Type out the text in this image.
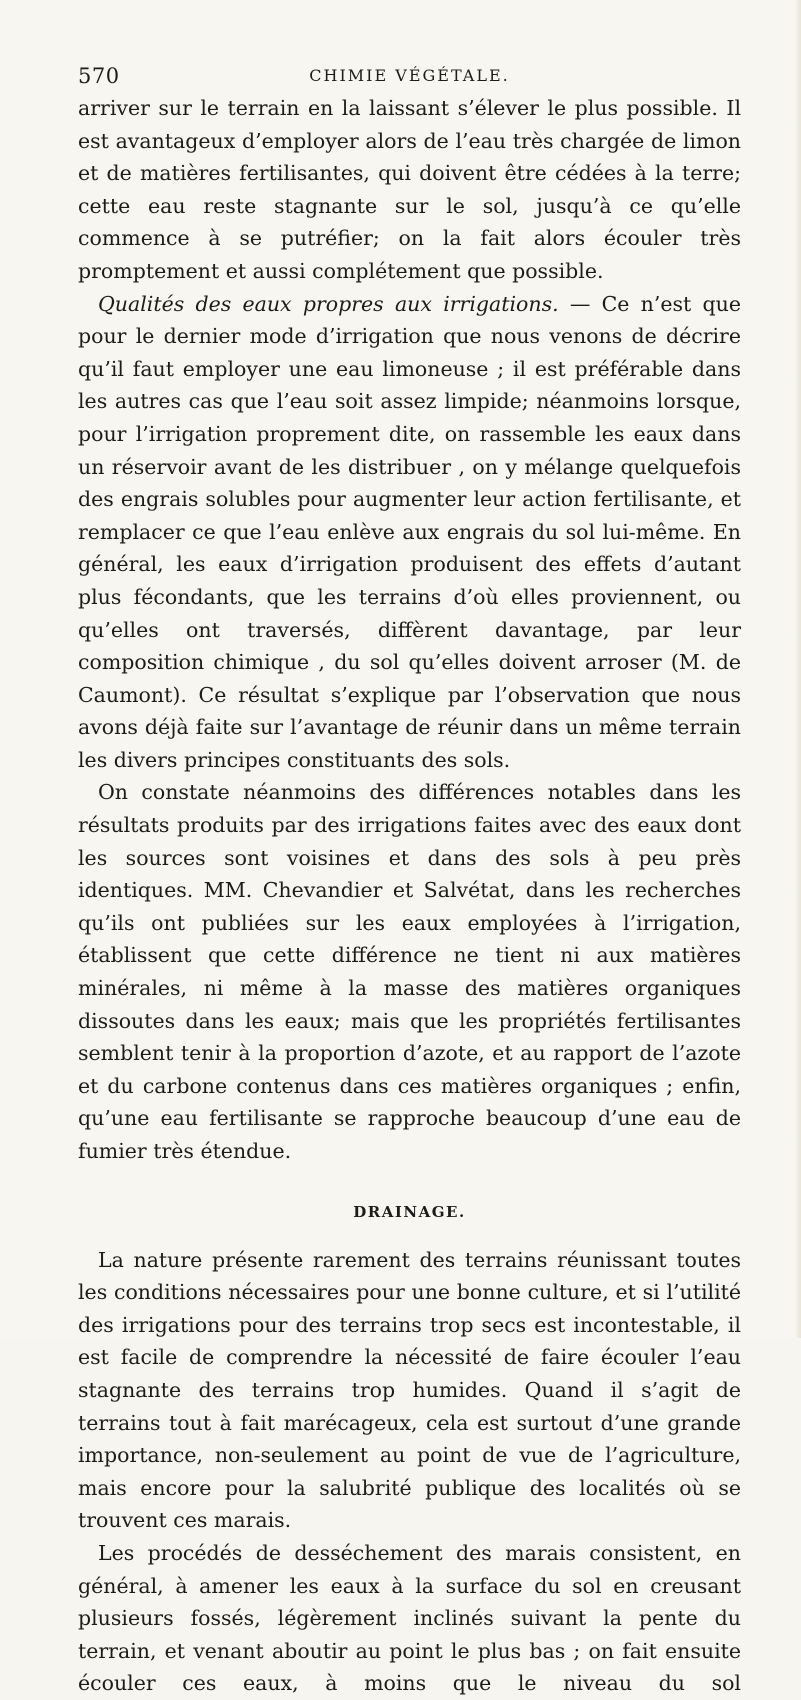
570	CHIMIE VÉGÉTALE.

arriver sur le terrain en la laissant s’élever le plus possible. Il est avantageux d’employer alors de l’eau très chargée de limon et de matières fertilisantes, qui doivent être cédées à la terre; cette eau reste stagnante sur le sol, jusqu’à ce qu’elle commence à se putréfier; on la fait alors écouler très promptement et aussi complétement que possible.

Qualités des eaux propres aux irrigations. — Ce n’est que pour le dernier mode d’irrigation que nous venons de décrire qu’il faut employer une eau limoneuse ; il est préférable dans les autres cas que l’eau soit assez limpide; néanmoins lorsque, pour l’irrigation proprement dite, on rassemble les eaux dans un réservoir avant de les distribuer , on y mélange quelquefois des engrais solubles pour augmenter leur action fertilisante, et remplacer ce que l’eau enlève aux engrais du sol lui-même. En général, les eaux d’irrigation produisent des effets d’autant plus fécondants, que les terrains d’où elles proviennent, ou qu’elles ont traversés, diffèrent davantage, par leur composition chimique , du sol qu’elles doivent arroser (M. de Caumont). Ce résultat s’explique par l’observation que nous avons déjà faite sur l’avantage de réunir dans un même terrain les divers principes constituants des sols.

On constate néanmoins des différences notables dans les résultats produits par des irrigations faites avec des eaux dont les sources sont voisines et dans des sols à peu près identiques. MM. Chevandier et Salvétat, dans les recherches qu’ils ont publiées sur les eaux employées à l’irrigation, établissent que cette différence ne tient ni aux matières minérales, ni même à la masse des matières organiques dissoutes dans les eaux; mais que les propriétés fertilisantes semblent tenir à la proportion d’azote, et au rapport de l’azote et du carbone contenus dans ces matières organiques ; enfin, qu’une eau fertilisante se rapproche beaucoup d’une eau de fumier très étendue.

DRAINAGE.

La nature présente rarement des terrains réunissant toutes les conditions nécessaires pour une bonne culture, et si l’utilité des irrigations pour des terrains trop secs est incontestable, il est facile de comprendre la nécessité de faire écouler l’eau stagnante des terrains trop humides. Quand il s’agit de terrains tout à fait marécageux, cela est surtout d’une grande importance, non-seulement au point de vue de l’agriculture, mais encore pour la salubrité publique des localités où se trouvent ces marais.

Les procédés de desséchement des marais consistent, en général, à amener les eaux à la surface du sol en creusant plusieurs fossés, légèrement inclinés suivant la pente du terrain, et venant aboutir au point le plus bas ; on fait ensuite écouler ces eaux, à moins que le niveau du sol
